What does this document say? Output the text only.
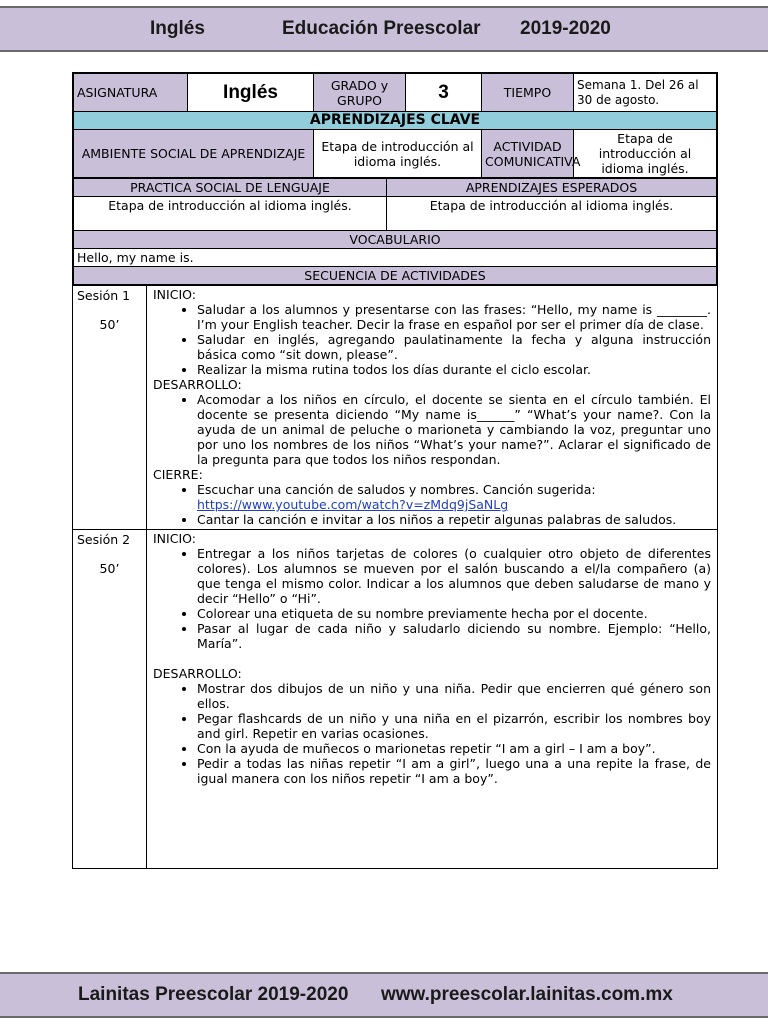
Inglés	Educación Preescolar 2019-2020
ASIGNATURA	Inglés	GRADO y GRUPO	3	TIEMPO	Semana 1. Del 26 al 30 de agosto.
APRENDIZAJES CLAVE					
AMBIENTE SOCIAL DE APRENDIZAJE		Etapa de introducción al idioma inglés.		ACTIVIDAD COMUNICATIVA	Etapa de introducción al idioma inglés.
PRACTICA SOCIAL DE LENGUAJE	APRENDIZAJES ESPERADOS
Etapa de introducción al idioma inglés.	Etapa de introducción al idioma inglés.
VOCABULARIO	
Hello, my name is.	
SECUENCIA DE ACTIVIDADES	
Sesión 1
50’

INICIO:

• Saludar a los alumnos y presentarse con las frases: “Hello, my name is ________. I’m your English teacher. Decir la frase en español por ser el primer día de clase.
• Saludar en inglés, agregando paulatinamente la fecha y alguna instrucción básica como “sit down, please”.
• Realizar la misma rutina todos los días durante el ciclo escolar.

DESARROLLO:

• Acomodar a los niños en círculo, el docente se sienta en el círculo también. El docente se presenta diciendo “My name is______” “What’s your name?. Con la ayuda de un animal de peluche o marioneta y cambiando la voz, preguntar uno por uno los nombres de los niños “What’s your name?”. Aclarar el significado de la pregunta para que todos los niños respondan.

CIERRE:

• Escuchar una canción de saludos y nombres. Canción sugerida:
https://www.youtube.com/watch?v=zMdq9jSaNLg
• Cantar la canción e invitar a los niños a repetir algunas palabras de saludos.
Sesión 2
50’

INICIO:

• Entregar a los niños tarjetas de colores (o cualquier otro objeto de diferentes colores). Los alumnos se mueven por el salón buscando a el/la compañero (a) que tenga el mismo color. Indicar a los alumnos que deben saludarse de mano y decir “Hello” o “Hi”.
• Colorear una etiqueta de su nombre previamente hecha por el docente.
• Pasar al lugar de cada niño y saludarlo diciendo su nombre. Ejemplo: “Hello, María”.

DESARROLLO:

• Mostrar dos dibujos de un niño y una niña. Pedir que encierren qué género son ellos.
• Pegar flashcards de un niño y una niña en el pizarrón, escribir los nombres boy and girl. Repetir en varias ocasiones.
• Con la ayuda de muñecos o marionetas repetir “I am a girl – I am a boy”.
• Pedir a todas las niñas repetir “I am a girl”, luego una a una repite la frase, de igual manera con los niños repetir “I am a boy”.
Lainitas Preescolar 2019-2020 www.preescolar.lainitas.com.mx
